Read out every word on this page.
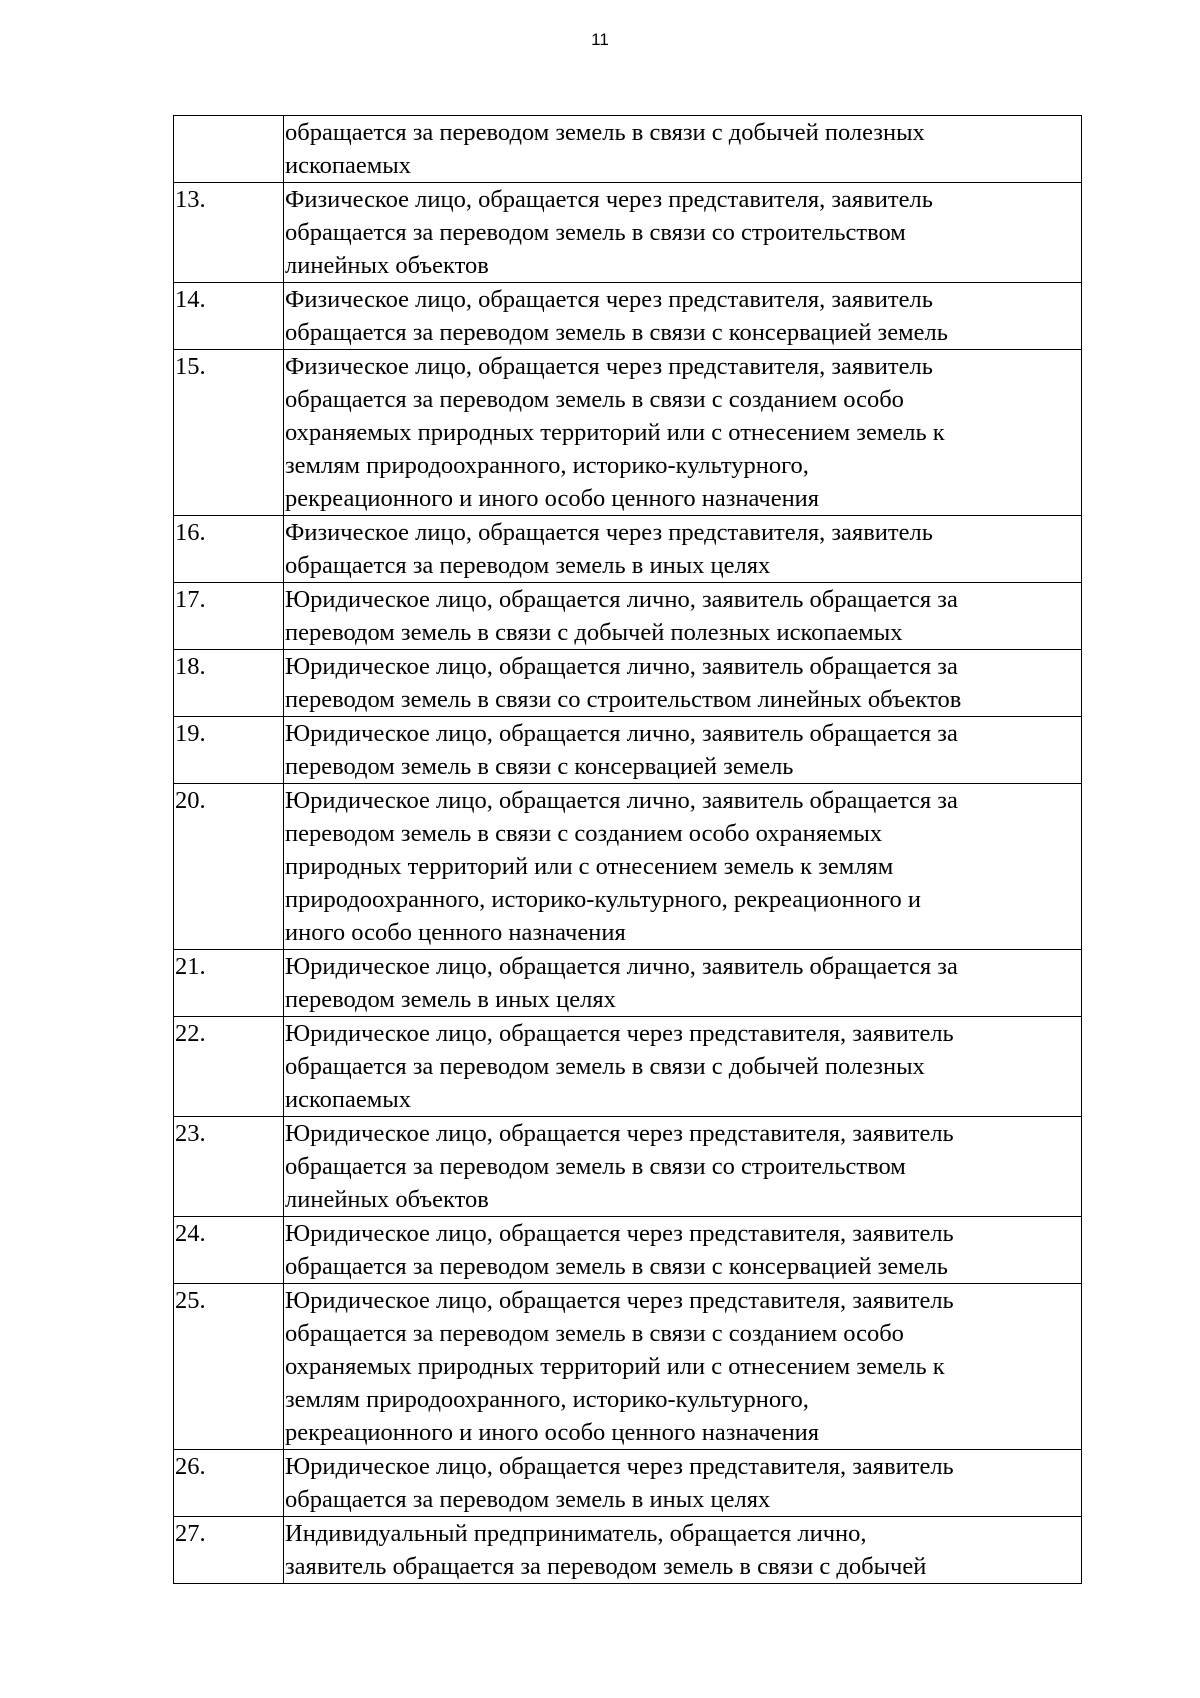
11

	обращается за переводом земель в связи с добычей полезных
ископаемых

13.	Физическое лицо, обращается через представителя, заявитель
обращается за переводом земель в связи со строительством
линейных объектов

14.	Физическое лицо, обращается через представителя, заявитель
обращается за переводом земель в связи с консервацией земель

15.	Физическое лицо, обращается через представителя, заявитель
обращается за переводом земель в связи с созданием особо
охраняемых природных территорий или с отнесением земель к
землям природоохранного, историко-культурного,
рекреационного и иного особо ценного назначения

16.	Физическое лицо, обращается через представителя, заявитель
обращается за переводом земель в иных целях

17.	Юридическое лицо, обращается лично, заявитель обращается за
переводом земель в связи с добычей полезных ископаемых

18.	Юридическое лицо, обращается лично, заявитель обращается за
переводом земель в связи со строительством линейных объектов

19.	Юридическое лицо, обращается лично, заявитель обращается за
переводом земель в связи с консервацией земель

20.	Юридическое лицо, обращается лично, заявитель обращается за
переводом земель в связи с созданием особо охраняемых
природных территорий или с отнесением земель к землям
природоохранного, историко-культурного, рекреационного и
иного особо ценного назначения

21.	Юридическое лицо, обращается лично, заявитель обращается за
переводом земель в иных целях

22.	Юридическое лицо, обращается через представителя, заявитель
обращается за переводом земель в связи с добычей полезных
ископаемых

23.	Юридическое лицо, обращается через представителя, заявитель
обращается за переводом земель в связи со строительством
линейных объектов

24.	Юридическое лицо, обращается через представителя, заявитель
обращается за переводом земель в связи с консервацией земель

25.	Юридическое лицо, обращается через представителя, заявитель
обращается за переводом земель в связи с созданием особо
охраняемых природных территорий или с отнесением земель к
землям природоохранного, историко-культурного,
рекреационного и иного особо ценного назначения

26.	Юридическое лицо, обращается через представителя, заявитель
обращается за переводом земель в иных целях

27.	Индивидуальный предприниматель, обращается лично,
заявитель обращается за переводом земель в связи с добычей
